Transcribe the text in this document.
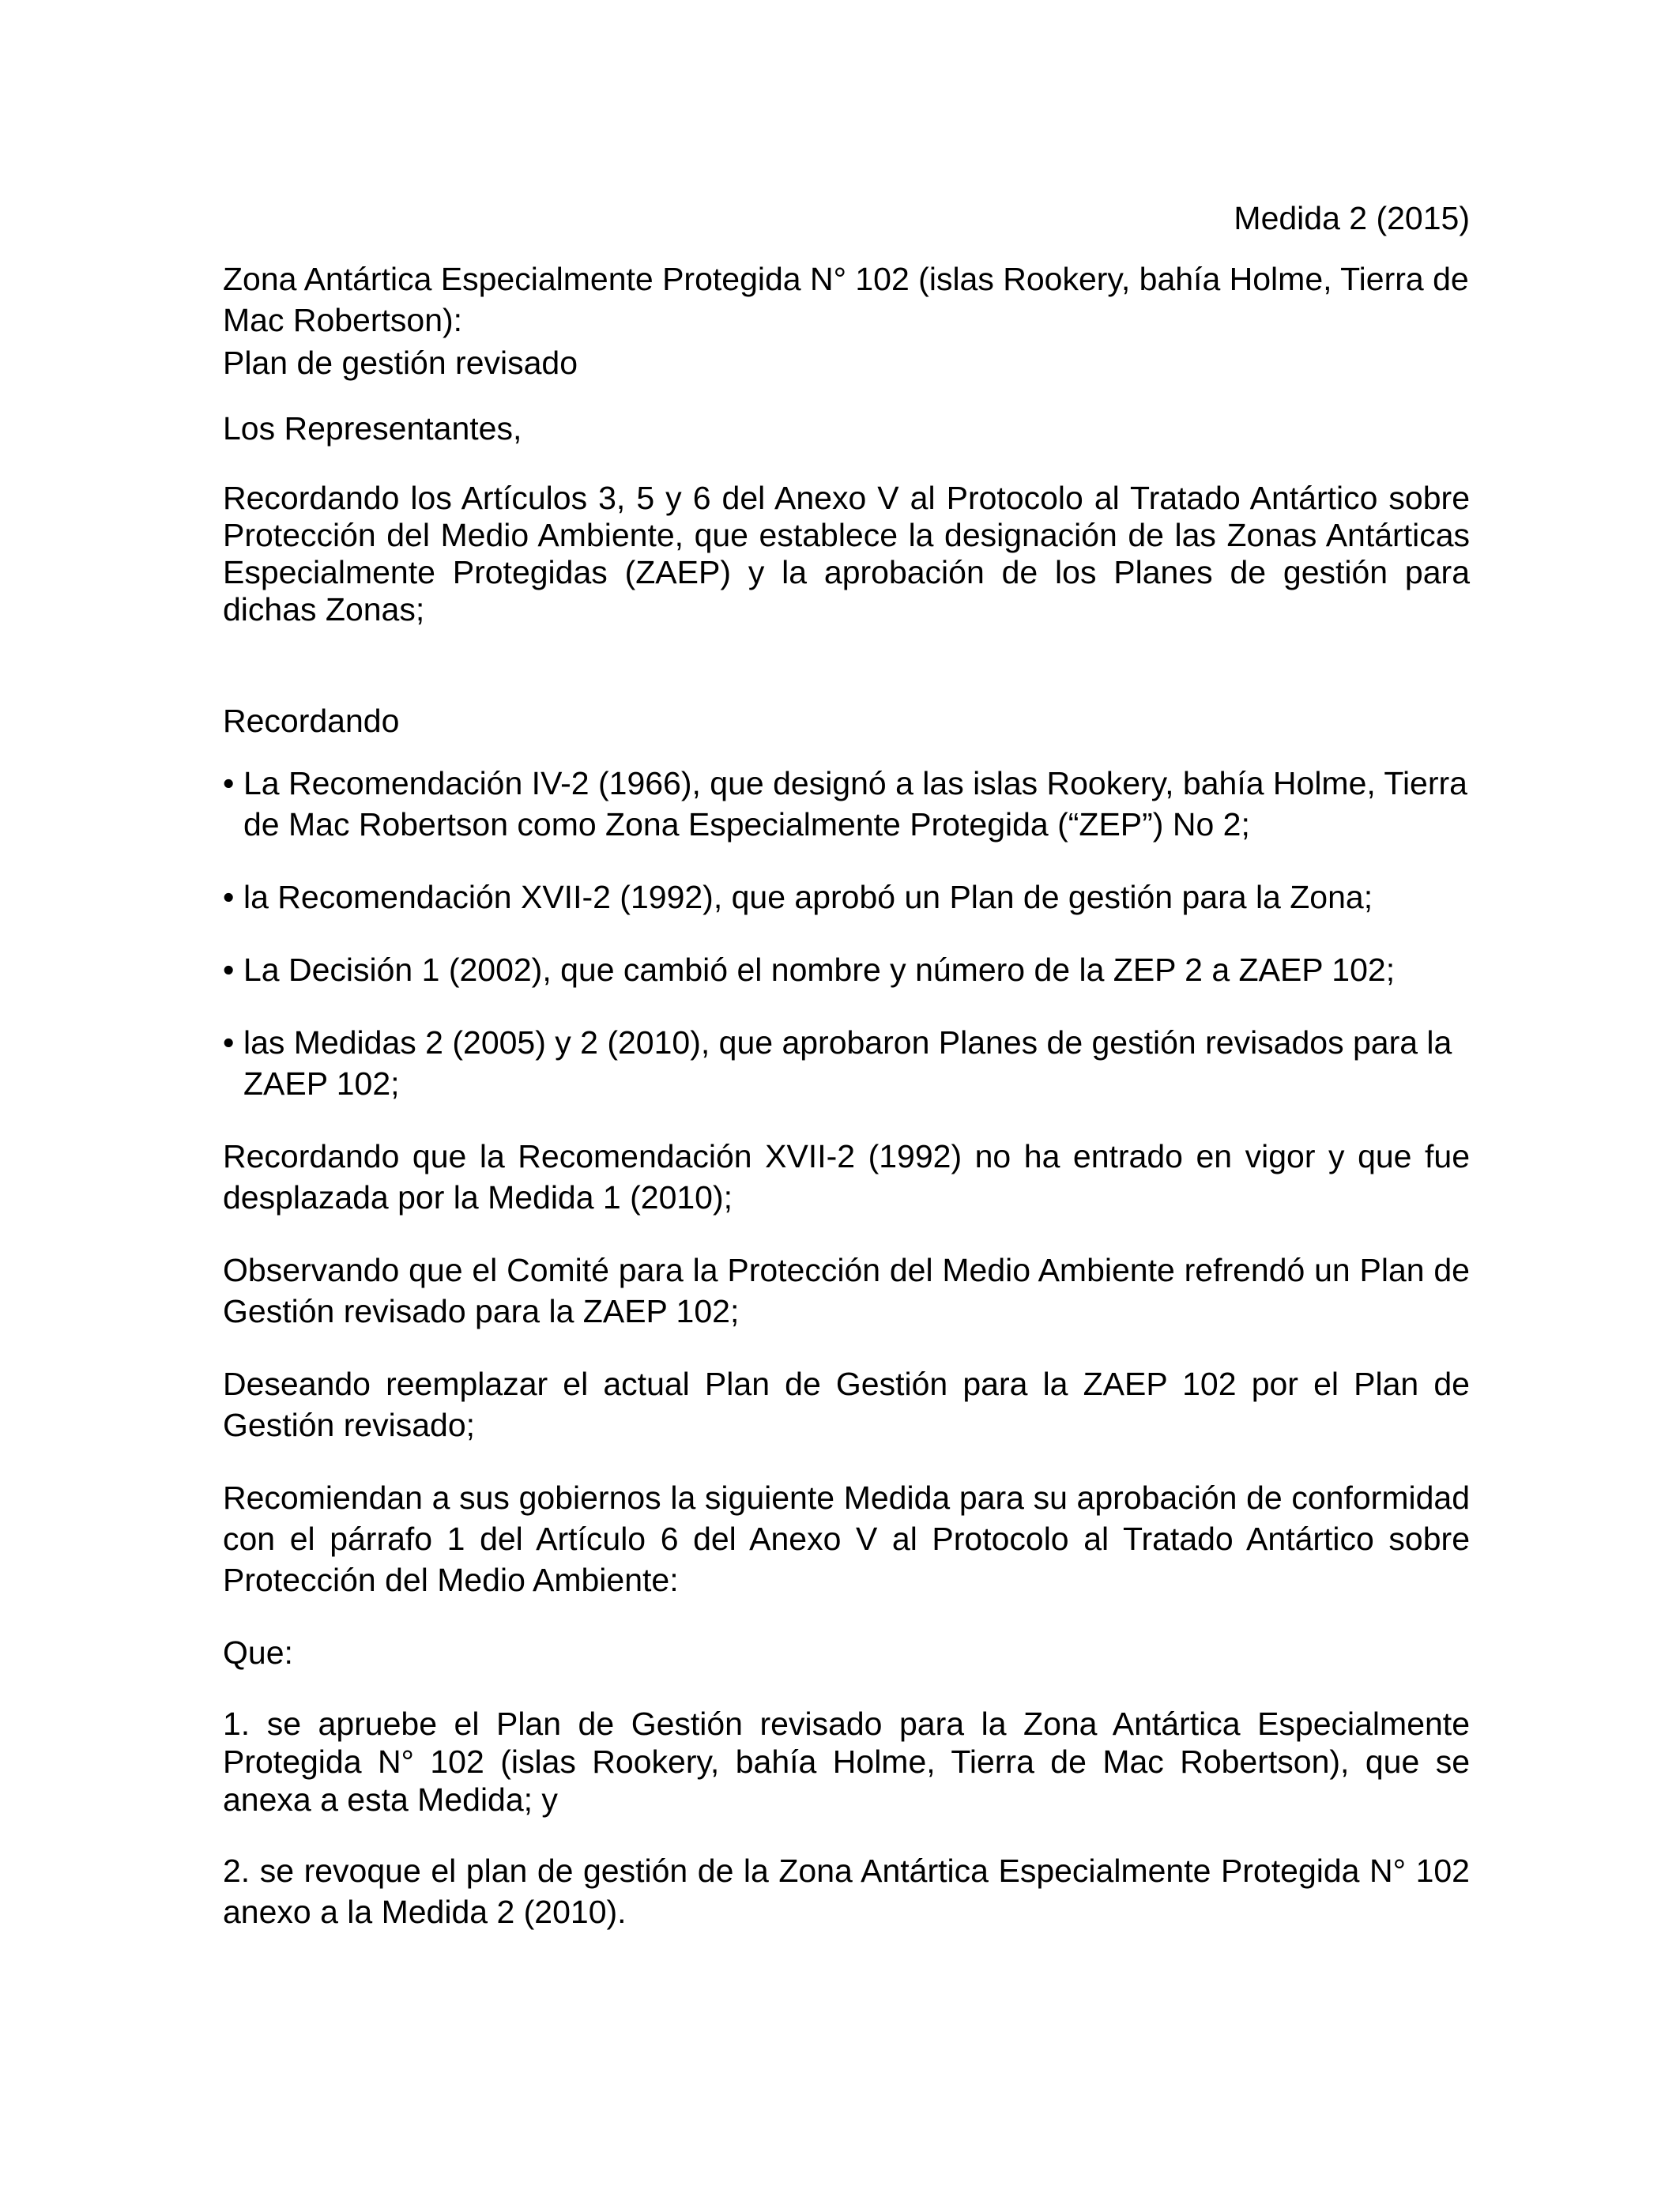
Medida 2 (2015)

Zona Antártica Especialmente Protegida N° 102 (islas Rookery, bahía Holme, Tierra de

Mac Robertson):

Plan de gestión revisado

Los Representantes,

Recordando los Artículos 3, 5 y 6 del Anexo V al Protocolo al Tratado Antártico sobre Protección del Medio Ambiente, que establece la designación de las Zonas Antárticas Especialmente Protegidas (ZAEP) y la aprobación de los Planes de gestión para dichas Zonas;

Recordando

• La Recomendación IV-2 (1966), que designó a las islas Rookery, bahía Holme, Tierra
de Mac Robertson como Zona Especialmente Protegida (“ZEP”) No 2;
• la Recomendación XVII-2 (1992), que aprobó un Plan de gestión para la Zona;
• La Decisión 1 (2002), que cambió el nombre y número de la ZEP 2 a ZAEP 102;
• las Medidas 2 (2005) y 2 (2010), que aprobaron Planes de gestión revisados para la
ZAEP 102;

Recordando que la Recomendación XVII-2 (1992) no ha entrado en vigor y que fue desplazada por la Medida 1 (2010);

Observando que el Comité para la Protección del Medio Ambiente refrendó un Plan de Gestión revisado para la ZAEP 102;

Deseando reemplazar el actual Plan de Gestión para la ZAEP 102 por el Plan de Gestión revisado;

Recomiendan a sus gobiernos la siguiente Medida para su aprobación de conformidad con el párrafo 1 del Artículo 6 del Anexo V al Protocolo al Tratado Antártico sobre Protección del Medio Ambiente:

Que:

1. se apruebe el Plan de Gestión revisado para la Zona Antártica Especialmente Protegida N° 102 (islas Rookery, bahía Holme, Tierra de Mac Robertson), que se anexa a esta Medida; y

2. se revoque el plan de gestión de la Zona Antártica Especialmente Protegida N° 102 anexo a la Medida 2 (2010).
